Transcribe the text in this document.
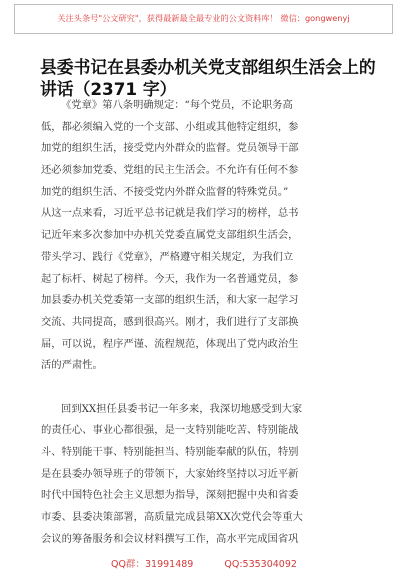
关注头条号"公文研究"，获得最新最全最专业的公文资料库！ 微信：gongwenyj
县委书记在县委办机关党支部组织生活会上的讲话（2371 字）
《党章》第八条明确规定：“每个党员，不论职务高
低，都必须编入党的一个支部、小组或其他特定组织，参
加党的组织生活，接受党内外群众的监督。党员领导干部
还必须参加党委、党组的民主生活会。不允许有任何不参
加党的组织生活、不接受党内外群众监督的特殊党员。”
从这一点来看，习近平总书记就是我们学习的榜样，总书
记近年来多次参加中办机关党委直属党支部组织生活会，
带头学习、践行《党章》，严格遵守相关规定，为我们立
起了标杆、树起了榜样。今天，我作为一名普通党员，参
加县委办机关党委第一支部的组织生活，和大家一起学习
交流、共同提高，感到很高兴。刚才，我们进行了支部换
届，可以说，程序严谨、流程规范，体现出了党内政治生
活的严肃性。
回到XX担任县委书记一年多来，我深切地感受到大家
的责任心、事业心都很强，是一支特别能吃苦、特别能战
斗、特别能干事、特别能担当、特别能奉献的队伍，特别
是在县委办领导班子的带领下，大家始终坚持以习近平新
时代中国特色社会主义思想为指导，深刻把握中央和省委
市委、县委决策部署，高质量完成县第XX次党代会等重大
会议的筹备服务和会议材料撰写工作，高水平完成国省巩
QQ群：31991489	QQ:535304092
